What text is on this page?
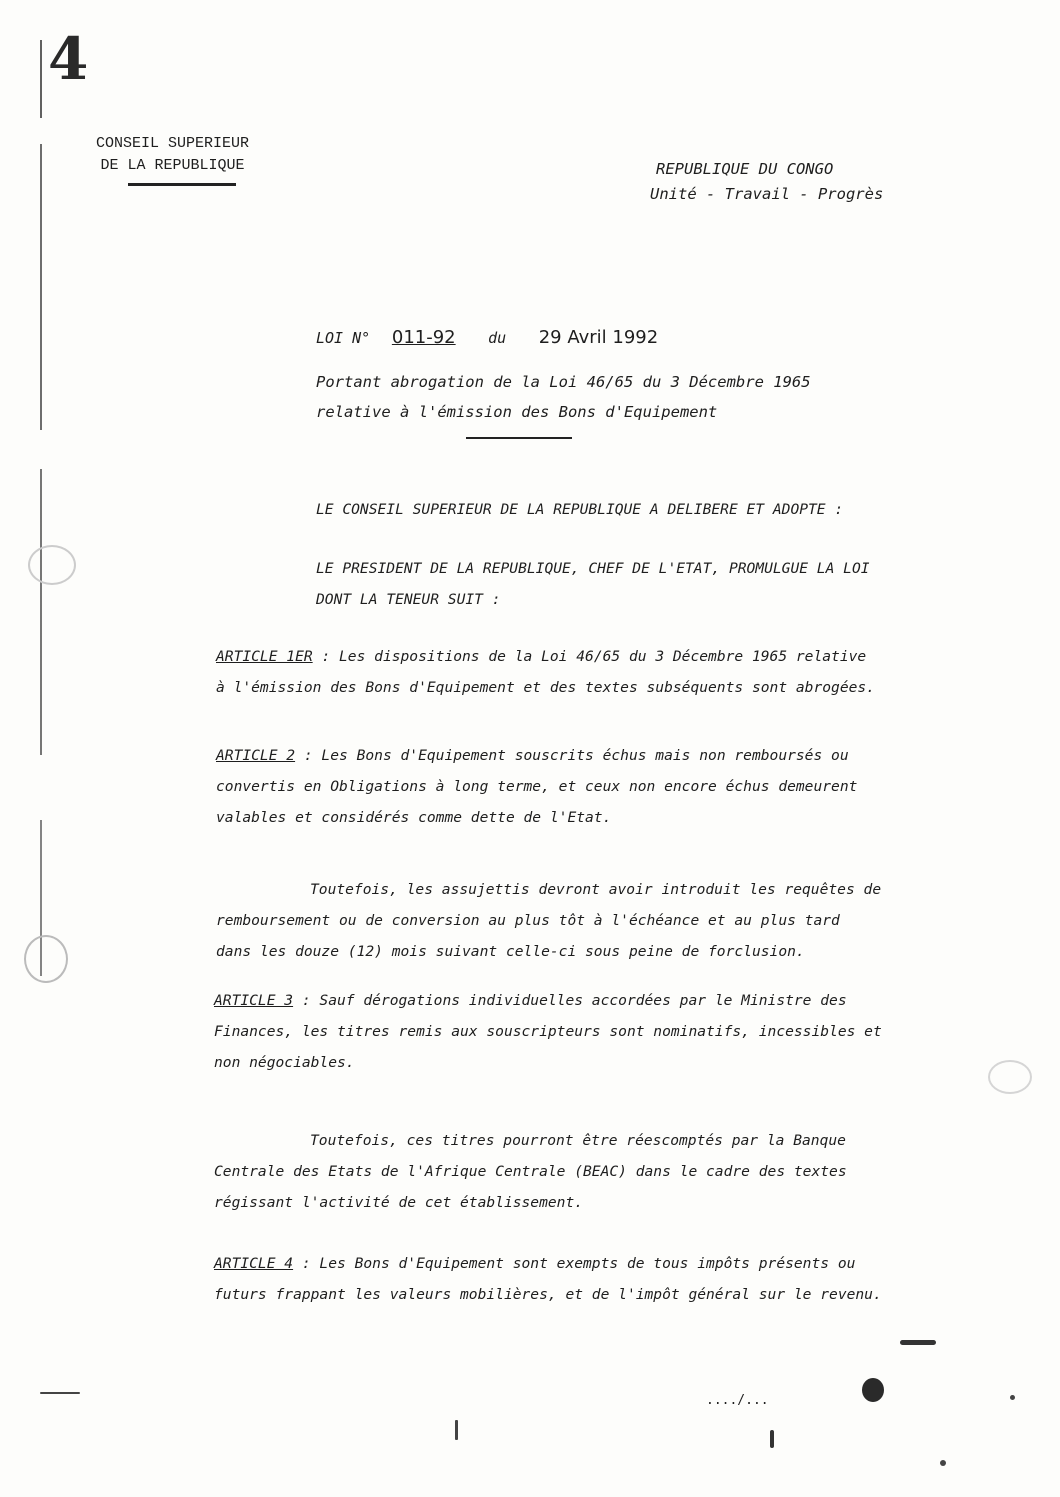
4
CONSEIL SUPERIEUR
DE LA REPUBLIQUE	REPUBLIQUE DU CONGO
Unité - Travail - Progrès
LOI N° 011-92 du 29 Avril 1992
Portant abrogation de la Loi 46/65 du 3 Décembre 1965
relative à l'émission des Bons d'Equipement
LE CONSEIL SUPERIEUR DE LA REPUBLIQUE A DELIBERE ET ADOPTE :
LE PRESIDENT DE LA REPUBLIQUE, CHEF DE L'ETAT, PROMULGUE LA LOI
DONT LA TENEUR SUIT :
ARTICLE 1ER : Les dispositions de la Loi 46/65 du 3 Décembre 1965 relative
à l'émission des Bons d'Equipement et des textes subséquents sont abrogées.
ARTICLE 2 : Les Bons d'Equipement souscrits échus mais non remboursés ou
convertis en Obligations à long terme, et ceux non encore échus demeurent
valables et considérés comme dette de l'Etat.
Toutefois, les assujettis devront avoir introduit les requêtes de
remboursement ou de conversion au plus tôt à l'échéance et au plus tard
dans les douze (12) mois suivant celle-ci sous peine de forclusion.
ARTICLE 3 : Sauf dérogations individuelles accordées par le Ministre des
Finances, les titres remis aux souscripteurs sont nominatifs, incessibles et
non négociables.
Toutefois, ces titres pourront être réescomptés par la Banque
Centrale des Etats de l'Afrique Centrale (BEAC) dans le cadre des textes
régissant l'activité de cet établissement.
ARTICLE 4 : Les Bons d'Equipement sont exempts de tous impôts présents ou
futurs frappant les valeurs mobilières, et de l'impôt général sur le revenu.
..../...
